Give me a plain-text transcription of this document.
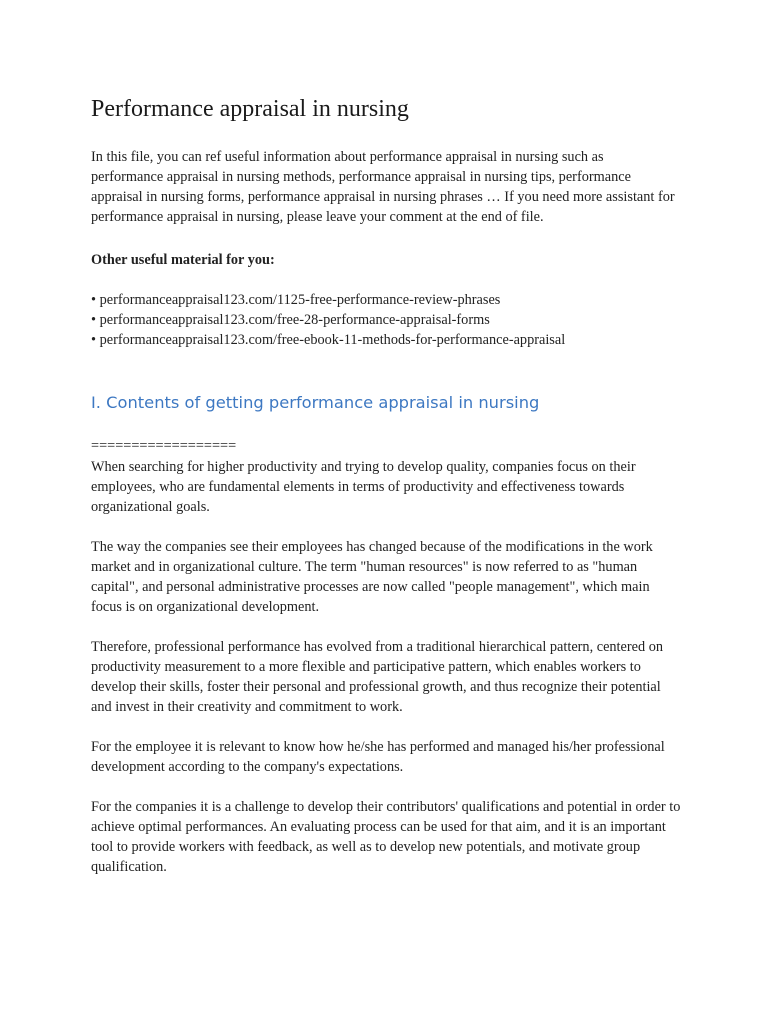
Performance appraisal in nursing

In this file, you can ref useful information about performance appraisal in nursing such as performance appraisal in nursing methods, performance appraisal in nursing tips, performance appraisal in nursing forms, performance appraisal in nursing phrases … If you need more assistant for performance appraisal in nursing, please leave your comment at the end of file.

Other useful material for you:

• performanceappraisal123.com/1125-free-performance-review-phrases
• performanceappraisal123.com/free-28-performance-appraisal-forms
• performanceappraisal123.com/free-ebook-11-methods-for-performance-appraisal
I. Contents of getting performance appraisal in nursing

==================

When searching for higher productivity and trying to develop quality, companies focus on their employees, who are fundamental elements in terms of productivity and effectiveness towards organizational goals.

The way the companies see their employees has changed because of the modifications in the work market and in organizational culture. The term "human resources" is now referred to as "human capital", and personal administrative processes are now called "people management", which main focus is on organizational development.

Therefore, professional performance has evolved from a traditional hierarchical pattern, centered on productivity measurement to a more flexible and participative pattern, which enables workers to develop their skills, foster their personal and professional growth, and thus recognize their potential and invest in their creativity and commitment to work.

For the employee it is relevant to know how he/she has performed and managed his/her professional development according to the company's expectations.

For the companies it is a challenge to develop their contributors' qualifications and potential in order to achieve optimal performances. An evaluating process can be used for that aim, and it is an important tool to provide workers with feedback, as well as to develop new potentials, and motivate group qualification.
